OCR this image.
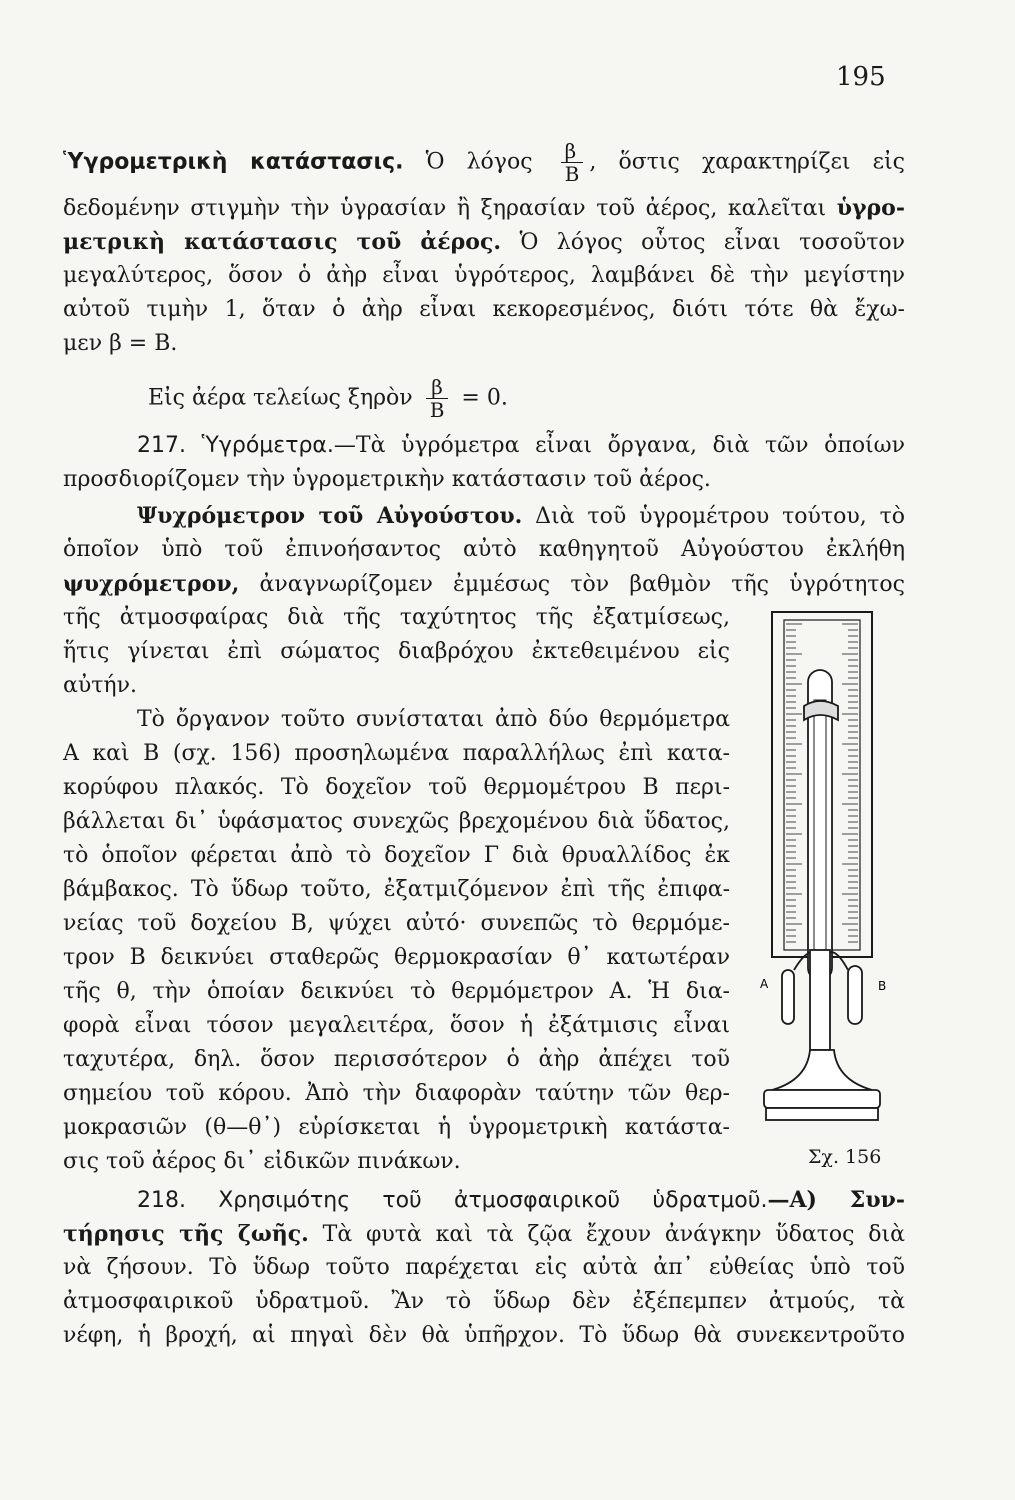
195
Ὑγρομετρικὴ κατάστασις. Ὁ λόγος $\frac{\beta}{B}$ , ὅστις χαρακτηρίζει εἰς
δεδομένην στιγμὴν τὴν ὑγρασίαν ἢ ξηρασίαν τοῦ ἀέρος, καλεῖται ὑγρο-
μετρικὴ κατάστασις τοῦ ἀέρος. Ὁ λόγος οὗτος εἶναι τοσοῦτον
μεγαλύτερος, ὅσον ὁ ἀὴρ εἶναι ὑγρότερος, λαμβάνει δὲ τὴν μεγίστην
αὐτοῦ τιμὴν 1, ὅταν ὁ ἀὴρ εἶναι κεκορεσμένος, διότι τότε θὰ ἔχω-
μεν β = Β.
Εἰς ἀέρα τελείως ξηρὸν $\frac{\beta}{B} = 0$.
217. Ὑγρόμετρα.—Τὰ ὑγρόμετρα εἶναι ὄργανα, διὰ τῶν ὁποίων
προσδιορίζομεν τὴν ὑγρομετρικὴν κατάστασιν τοῦ ἀέρος.
Ψυχρόμετρον τοῦ Αὐγούστου. Διὰ τοῦ ὑγρομέτρου τούτου, τὸ
ὁποῖον ὑπὸ τοῦ ἐπινοήσαντος αὐτὸ καθηγητοῦ Αὐγούστου ἐκλήθη
ψυχρόμετρον, ἀναγνωρίζομεν ἐμμέσως τὸν βαθμὸν τῆς ὑγρότητος
τῆς ἀτμοσφαίρας διὰ τῆς ταχύτητος τῆς ἐξατμίσεως,
ἥτις γίνεται ἐπὶ σώματος διαβρόχου ἐκτεθειμένου εἰς
αὐτήν.
Τὸ ὄργανον τοῦτο συνίσταται ἀπὸ δύο θερμόμετρα
Α καὶ Β (σχ. 156) προσηλωμένα παραλλήλως ἐπὶ κατα-
κορύφου πλακός. Τὸ δοχεῖον τοῦ θερμομέτρου Β περι-
βάλλεται δι᾽ ὑφάσματος συνεχῶς βρεχομένου διὰ ὕδατος,
τὸ ὁποῖον φέρεται ἀπὸ τὸ δοχεῖον Γ διὰ θρυαλλίδος ἐκ
βάμβακος. Τὸ ὕδωρ τοῦτο, ἐξατμιζόμενον ἐπὶ τῆς ἐπιφα-
νείας τοῦ δοχείου Β, ψύχει αὐτό· συνεπῶς τὸ θερμόμε-
τρον Β δεικνύει σταθερῶς θερμοκρασίαν θ᾽ κατωτέραν
τῆς θ, τὴν ὁποίαν δεικνύει τὸ θερμόμετρον Α. Ἡ δια-
φορὰ εἶναι τόσον μεγαλειτέρα, ὅσον ἡ ἐξάτμισις εἶναι
ταχυτέρα, δηλ. ὅσον περισσότερον ὁ ἀὴρ ἀπέχει τοῦ
σημείου τοῦ κόρου. Ἀπὸ τὴν διαφορὰν ταύτην τῶν θερ-
μοκρασιῶν (θ—θ᾽) εὑρίσκεται ἡ ὑγρομετρικὴ κατάστα-
σις τοῦ ἀέρος δι᾽ εἰδικῶν πινάκων.
Α	Β
Σχ. 156
218. Χρησιμότης τοῦ ἀτμοσφαιρικοῦ ὑδρατμοῦ.—Α) Συν-
τήρησις τῆς ζωῆς. Τὰ φυτὰ καὶ τὰ ζῷα ἔχουν ἀνάγκην ὕδατος διὰ
νὰ ζήσουν. Τὸ ὕδωρ τοῦτο παρέχεται εἰς αὐτὰ ἀπ᾽ εὐθείας ὑπὸ τοῦ
ἀτμοσφαιρικοῦ ὑδρατμοῦ. Ἂν τὸ ὕδωρ δὲν ἐξέπεμπεν ἀτμούς, τὰ
νέφη, ἡ βροχή, αἱ πηγαὶ δὲν θὰ ὑπῆρχον. Τὸ ὕδωρ θὰ συνεκεντροῦτο
